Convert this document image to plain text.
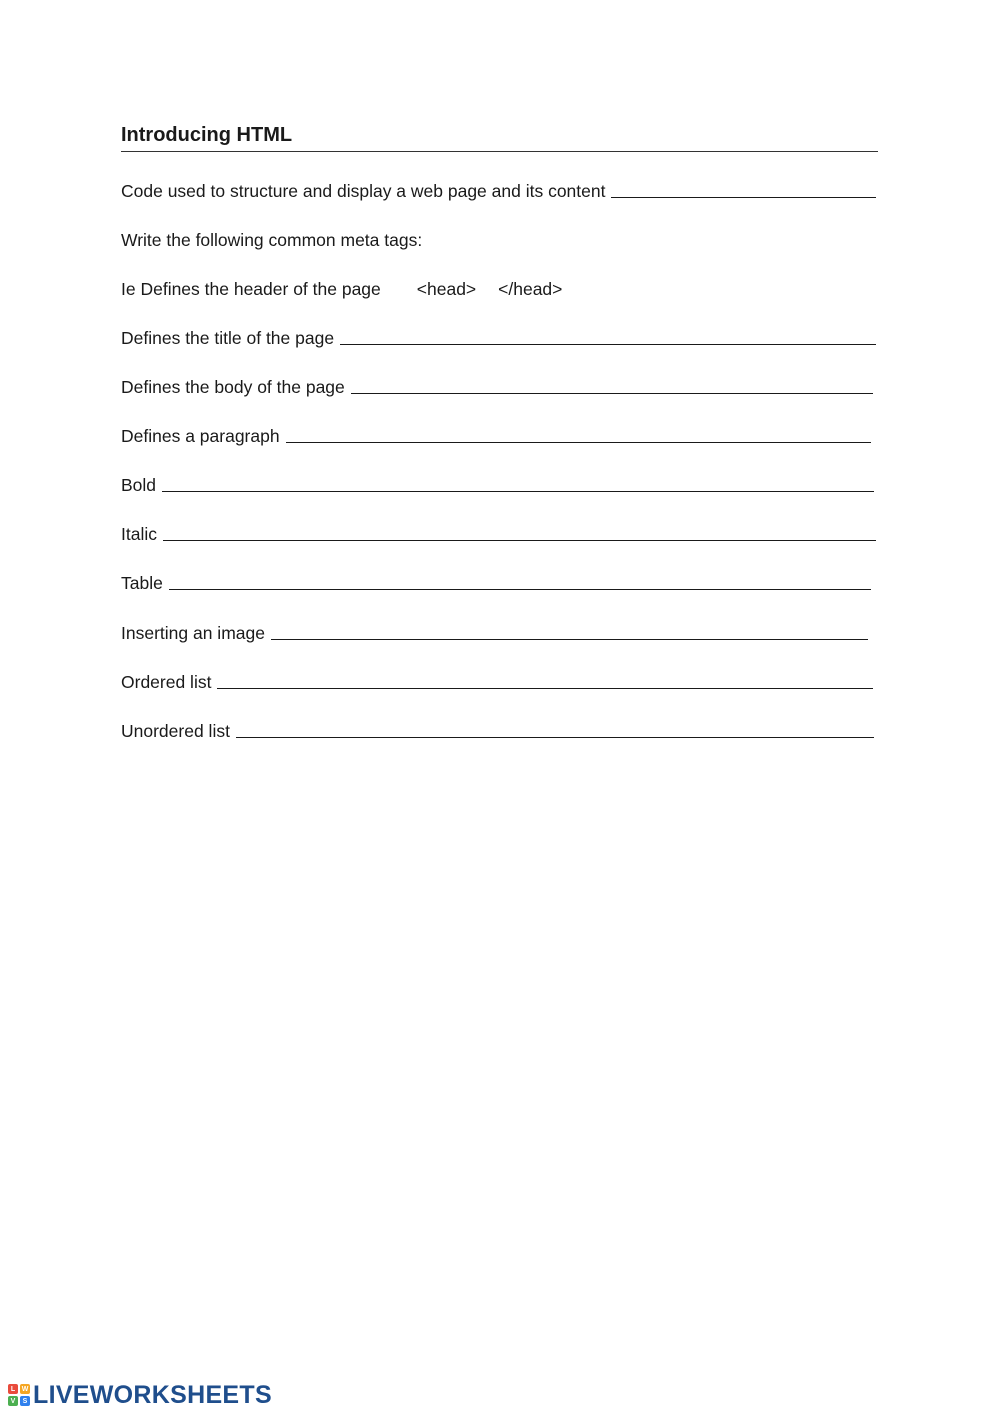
Introducing HTML
Code used to structure and display a web page and its content
Write the following common meta tags:
Ie Defines the header of the page <head> </head>
Defines the title of the page
Defines the body of the page
Defines a paragraph
Bold
Italic
Table
Inserting an image
Ordered list
Unordered list
L W
V	S LIVEWORKSHEETS
